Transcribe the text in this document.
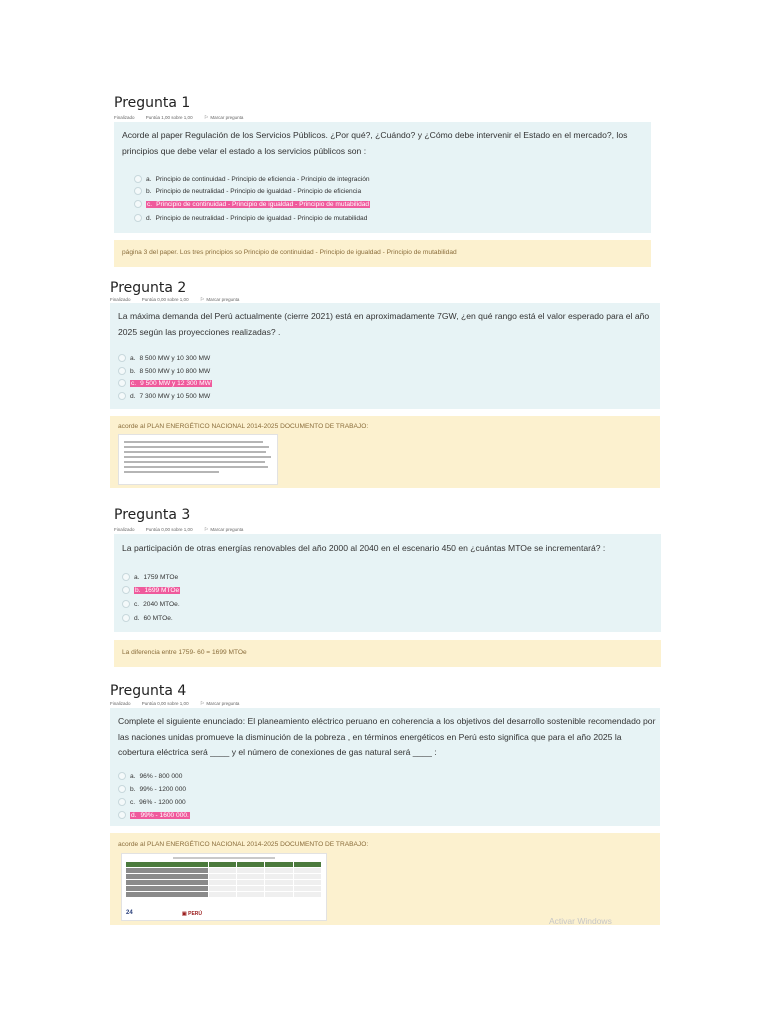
Pregunta 1
Finalizado	Puntúa 1,00 sobre 1,00 ⚐ Marcar pregunta
Acorde al paper Regulación de los Servicios Públicos. ¿Por qué?, ¿Cuándo? y ¿Cómo debe intervenir el Estado en el mercado?, los principios que debe velar el estado a los servicios públicos son :
a. Principio de continuidad - Principio de eficiencia - Principio de integración
b. Principio de neutralidad - Principio de igualdad - Principio de eficiencia
c. Principio de continuidad - Principio de igualdad - Principio de mutabilidad
d. Principio de neutralidad - Principio de igualdad - Principio de mutabilidad
página 3 del paper. Los tres principios so Principio de continuidad - Principio de igualdad - Principio de mutabilidad
Pregunta 2
Finalizado	Puntúa 0,00 sobre 1,00 ⚐ Marcar pregunta
La máxima demanda del Perú actualmente (cierre 2021) está en aproximadamente 7GW, ¿en qué rango está el valor esperado para el año 2025 según las proyecciones realizadas? .
a. 8 500 MW y 10 300 MW
b. 8 500 MW y 10 800 MW
c. 9 500 MW y 12 300 MW
d. 7 300 MW y 10 500 MW
acorde al PLAN ENERGÉTICO NACIONAL 2014-2025 DOCUMENTO DE TRABAJO:
Pregunta 3
Finalizado	Puntúa 0,00 sobre 1,00 ⚐ Marcar pregunta
La participación de otras energías renovables del año 2000 al 2040 en el escenario 450 en ¿cuántas MTOe se incrementará? :
a. 1759 MTOe
b. 1699 MTOe
c. 2040 MTOe.
d. 60 MTOe.
La diferencia entre 1759- 60 = 1699 MTOe
Pregunta 4
Finalizado	Puntúa 0,00 sobre 1,00 ⚐ Marcar pregunta
Complete el siguiente enunciado: El planeamiento eléctrico peruano en coherencia a los objetivos del desarrollo sostenible recomendado por las naciones unidas promueve la disminución de la pobreza , en términos energéticos en Perú esto significa que para el año 2025 la cobertura eléctrica será ____ y el número de conexiones de gas natural será ____ :
a. 96% - 800 000
b. 99% - 1200 000
c. 96% - 1200 000
d. 99% - 1600 000.
acorde al PLAN ENERGÉTICO NACIONAL 2014-2025 DOCUMENTO DE TRABAJO:
24	▣ PERÚ
Activar Windows
